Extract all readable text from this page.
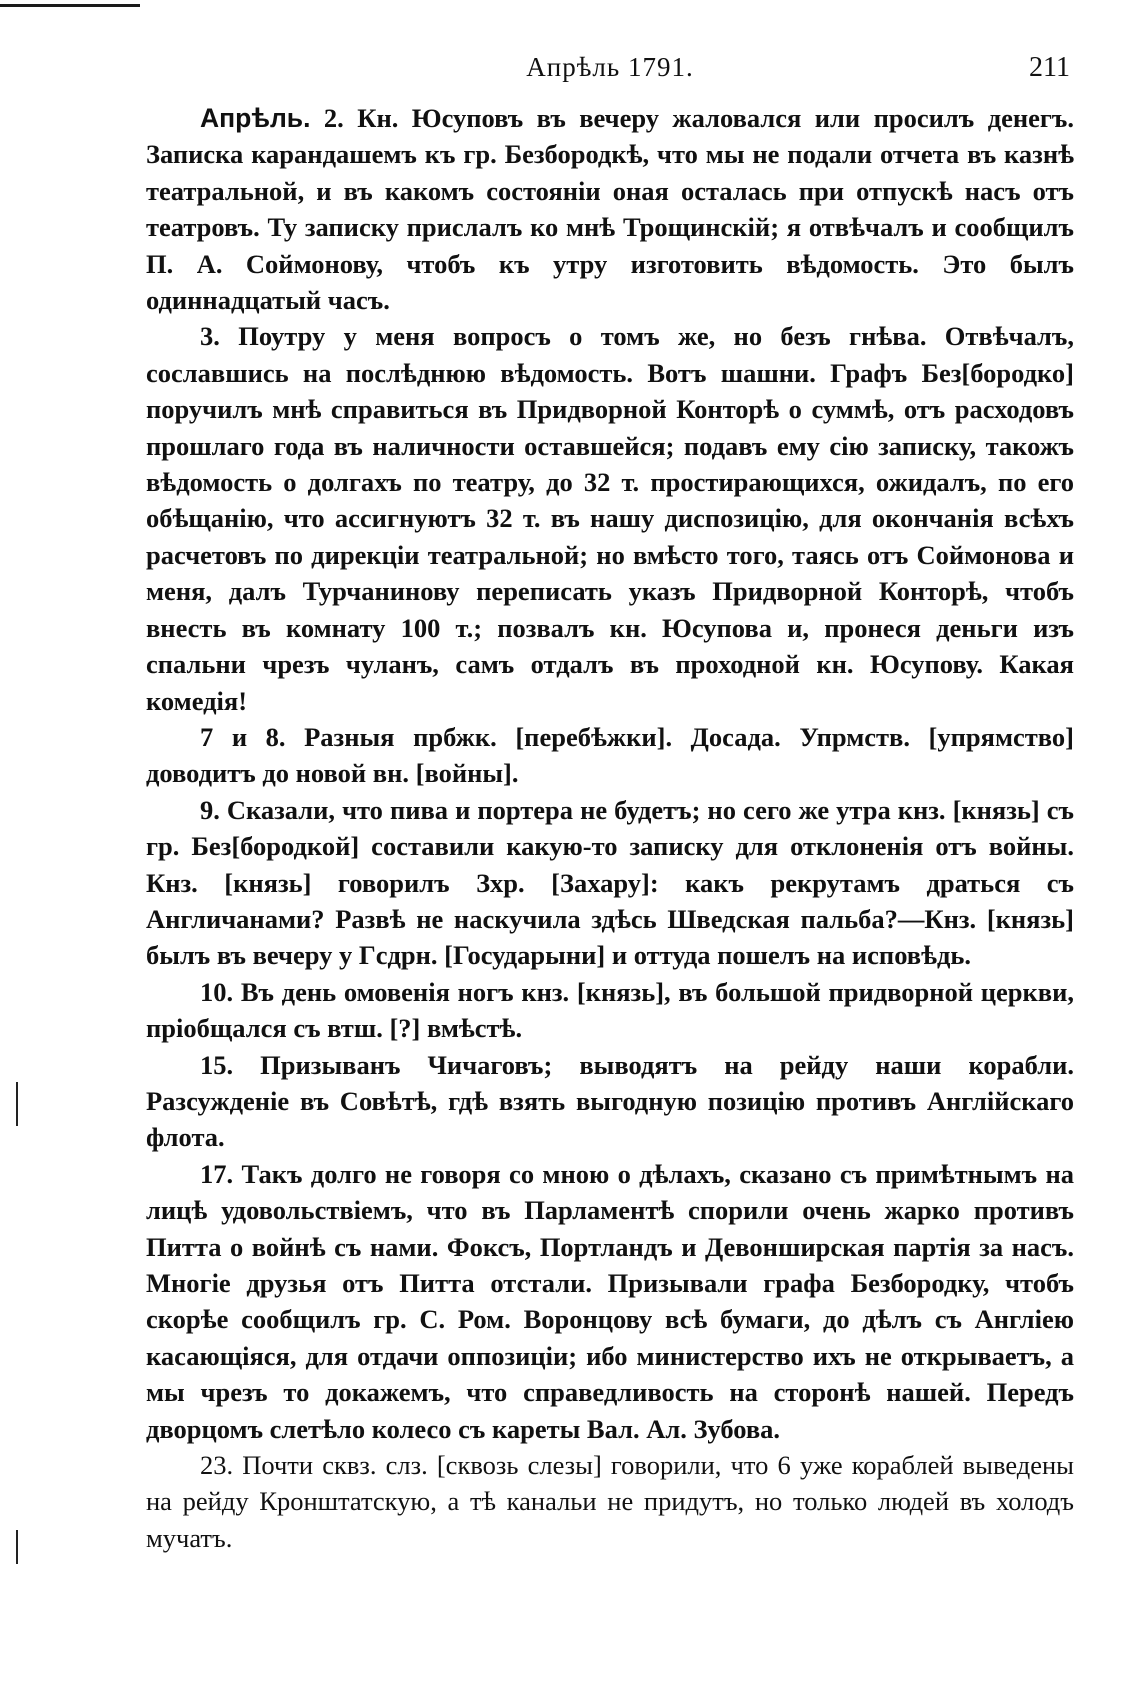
Апрѣль 1791.	211

Апрѣль. 2. Кн. Юсуповъ въ вечеру жаловался или просилъ денегъ. Записка карандашемъ къ гр. Безбородкѣ, что мы не подали отчета въ казнѣ театральной, и въ какомъ состояніи оная осталась при отпускѣ насъ отъ театровъ. Ту записку прислалъ ко мнѣ Трощинскій; я отвѣчалъ и сообщилъ П. А. Соймонову, чтобъ къ утру изготовить вѣдомость. Это былъ одиннадцатый часъ.

3. Поутру у меня вопросъ о томъ же, но безъ гнѣва. Отвѣчалъ, сославшись на послѣднюю вѣдомость. Вотъ шашни. Графъ Без[бородко] поручилъ мнѣ справиться въ Придворной Конторѣ о суммѣ, отъ расходовъ прошлаго года въ наличности оставшейся; подавъ ему сію записку, такожъ вѣдомость о долгахъ по театру, до 32 т. простирающихся, ожидалъ, по его обѣщанію, что ассигнуютъ 32 т. въ нашу диспозицію, для окончанія всѣхъ расчетовъ по дирекціи театральной; но вмѣсто того, таясь отъ Соймонова и меня, далъ Турчанинову переписать указъ Придворной Конторѣ, чтобъ внесть въ комнату 100 т.; позвалъ кн. Юсупова и, пронеся деньги изъ спальни чрезъ чуланъ, самъ отдалъ въ проходной кн. Юсупову. Какая комедія!

7 и 8. Разныя прбжк. [перебѣжки]. Досада. Упрмств. [упрямство] доводитъ до новой вн. [войны].

9. Сказали, что пива и портера не будетъ; но сего же утра кнз. [князь] съ гр. Без[бородкой] составили какую-то записку для отклоненія отъ войны. Кнз. [князь] говорилъ Зхр. [Захару]: какъ рекрутамъ драться съ Англичанами? Развѣ не наскучила здѣсь Шведская пальба?—Кнз. [князь] былъ въ вечеру у Гсдрн. [Государыни] и оттуда пошелъ на исповѣдь.

10. Въ день омовенія ногъ кнз. [князь], въ большой придворной церкви, пріобщался съ втш. [?] вмѣстѣ.

15. Призыванъ Чичаговъ; выводятъ на рейду наши корабли. Разсужденіе въ Совѣтѣ, гдѣ взять выгодную позицію противъ Англійскаго флота.

17. Такъ долго не говоря со мною о дѣлахъ, сказано съ примѣтнымъ на лицѣ удовольствіемъ, что въ Парламентѣ спорили очень жарко противъ Питта о войнѣ съ нами. Фоксъ, Портландъ и Девонширская партія за насъ. Многіе друзья отъ Питта отстали. Призывали графа Безбородку, чтобъ скорѣе сообщилъ гр. С. Ром. Воронцову всѣ бумаги, до дѣлъ съ Англіею касающіяся, для отдачи оппозиціи; ибо министерство ихъ не открываетъ, а мы чрезъ то докажемъ, что справедливость на сторонѣ нашей. Передъ дворцомъ слетѣло колесо съ кареты Вал. Ал. Зубова.

23. Почти сквз. слз. [сквозь слезы] говорили, что 6 уже кораблей выведены на рейду Кронштатскую, а тѣ канальи не придутъ, но только людей въ холодъ мучатъ.
